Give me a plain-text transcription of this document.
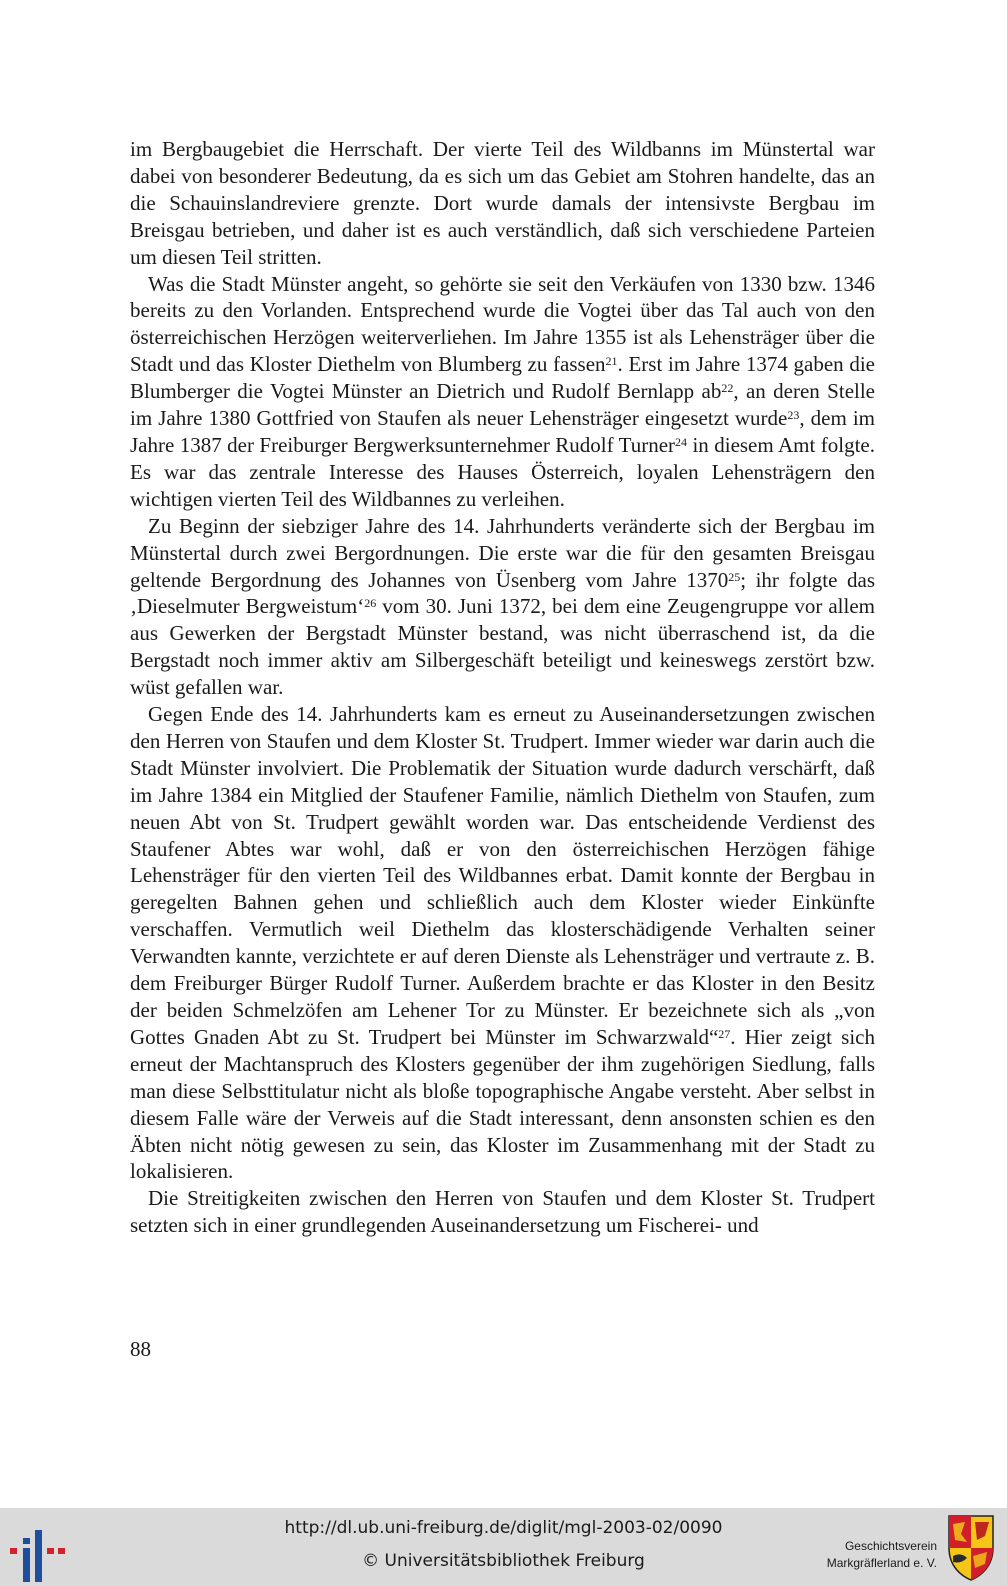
im Bergbaugebiet die Herrschaft. Der vierte Teil des Wildbanns im Münstertal war dabei von besonderer Bedeutung, da es sich um das Gebiet am Stohren handelte, das an die Schauinslandreviere grenzte. Dort wurde damals der intensivste Bergbau im Breisgau betrieben, und daher ist es auch verständlich, daß sich verschiedene Parteien um diesen Teil stritten.

Was die Stadt Münster angeht, so gehörte sie seit den Verkäufen von 1330 bzw. 1346 bereits zu den Vorlanden. Entsprechend wurde die Vogtei über das Tal auch von den österreichischen Herzögen weiterverliehen. Im Jahre 1355 ist als Lehensträger über die Stadt und das Kloster Diethelm von Blumberg zu fassen$^{21}$. Erst im Jahre 1374 gaben die Blumberger die Vogtei Münster an Dietrich und Rudolf Bernlapp $ab^{22}$, an deren Stelle im Jahre 1380 Gottfried von Staufen als neuer Lehensträger eingesetzt wurde$^{23}$, dem im Jahre 1387 der Freiburger Bergwerksunternehmer Rudolf Turner$^{24}$ in diesem Amt folgte. Es war das zentrale Interesse des Hauses Österreich, loyalen Lehensträgern den wichtigen vierten Teil des Wildbannes zu verleihen.

Zu Beginn der siebziger Jahre des 14. Jahrhunderts veränderte sich der Bergbau im Münstertal durch zwei Bergordnungen. Die erste war die für den gesamten Breisgau geltende Bergordnung des Johannes von Üsenberg vom Jahre 1370$^{25}$; ihr folgte das ‚Dieselmuter Bergweistum‘$^{26}$ vom 30. Juni 1372, bei dem eine Zeugengruppe vor allem aus Gewerken der Bergstadt Münster bestand, was nicht überraschend ist, da die Bergstadt noch immer aktiv am Silbergeschäft beteiligt und keineswegs zerstört bzw. wüst gefallen war.

Gegen Ende des 14. Jahrhunderts kam es erneut zu Auseinandersetzungen zwischen den Herren von Staufen und dem Kloster St. Trudpert. Immer wieder war darin auch die Stadt Münster involviert. Die Problematik der Situation wurde dadurch verschärft, daß im Jahre 1384 ein Mitglied der Staufener Familie, nämlich Diethelm von Staufen, zum neuen Abt von St. Trudpert gewählt worden war. Das entscheidende Verdienst des Staufener Abtes war wohl, daß er von den österreichischen Herzögen fähige Lehensträger für den vierten Teil des Wildbannes erbat. Damit konnte der Bergbau in geregelten Bahnen gehen und schließlich auch dem Kloster wieder Einkünfte verschaffen. Vermutlich weil Diethelm das klosterschädigende Verhalten seiner Verwandten kannte, verzichtete er auf deren Dienste als Lehensträger und vertraute z. B. dem Freiburger Bürger Rudolf Turner. Außerdem brachte er das Kloster in den Besitz der beiden Schmelzöfen am Lehener Tor zu Münster. Er bezeichnete sich als „von Gottes Gnaden Abt zu St. Trudpert bei Münster im Schwarzwald“$^{27}$. Hier zeigt sich erneut der Machtanspruch des Klosters gegenüber der ihm zugehörigen Siedlung, falls man diese Selbsttitulatur nicht als bloße topographische Angabe versteht. Aber selbst in diesem Falle wäre der Verweis auf die Stadt interessant, denn ansonsten schien es den Äbten nicht nötig gewesen zu sein, das Kloster im Zusammenhang mit der Stadt zu lokalisieren.

Die Streitigkeiten zwischen den Herren von Staufen und dem Kloster St. Trudpert setzten sich in einer grundlegenden Auseinandersetzung um Fischerei- und

88
http://dl.ub.uni-freiburg.de/diglit/mgl-2003-02/0090
© Universitätsbibliothek Freiburg
Geschichtsverein
Markgräflerland e. V.
